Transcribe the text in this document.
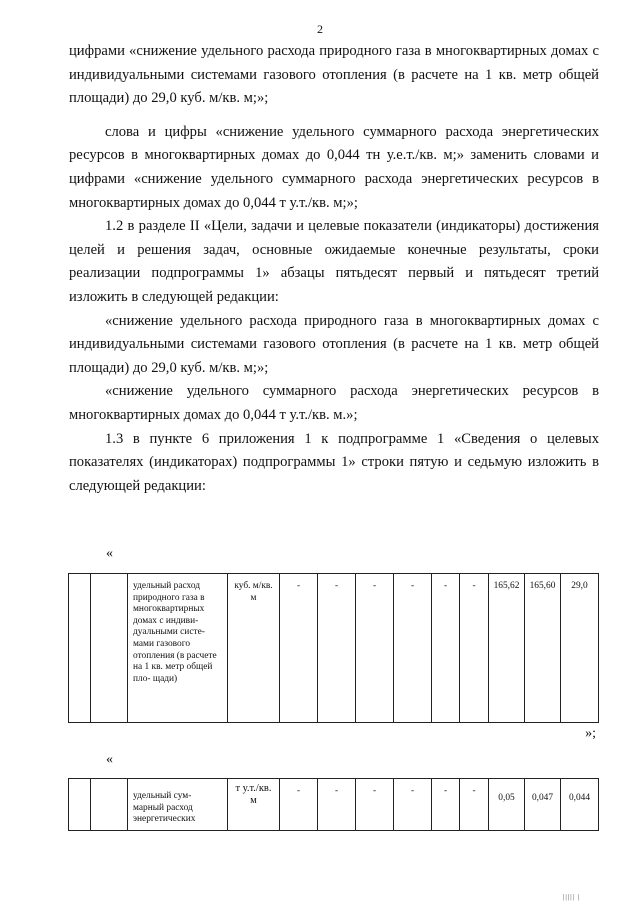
2

цифрами «снижение удельного расхода природного газа в многоквартирных домах с индивидуальными системами газового отопления (в расчете на 1 кв. метр общей площади) до 29,0 куб. м/кв. м;»;

слова и цифры «снижение удельного суммарного расхода энергетических ресурсов в многоквартирных домах до 0,044 тн у.е.т./кв. м;» заменить словами и цифрами «снижение удельного суммарного расхода энергетических ресурсов в многоквартирных домах до 0,044 т у.т./кв. м;»;

1.2 в разделе II «Цели, задачи и целевые показатели (индикаторы) достижения целей и решения задач, основные ожидаемые конечные результаты, сроки реализации подпрограммы 1» абзацы пятьдесят первый и пятьдесят третий изложить в следующей редакции:

«снижение удельного расхода природного газа в многоквартирных домах с индивидуальными системами газового отопления (в расчете на 1 кв. метр общей площади) до 29,0 куб. м/кв. м;»;

«снижение удельного суммарного расхода энергетических ресурсов в многоквартирных домах до 0,044 т у.т./кв. м.»;

1.3 в пункте 6 приложения 1 к подпрограмме 1 «Сведения о целевых показателях (индикаторах) подпрограммы 1» строки пятую и седьмую изложить в следующей редакции:

«
		удельный расход природного газа в многоквартирных домах с индиви- дуальными систе- мами газового отопления (в расчете на 1 кв. метр общей пло- щади)	куб. м/кв. м	-	-	-	-	-	-	165,62	165,60	29,0
»;
«
		удельный сум- марный расход энергетических	т у.т./кв. м	-	-	-	-	-	-	0,05	0,047	0,044
||||| |
